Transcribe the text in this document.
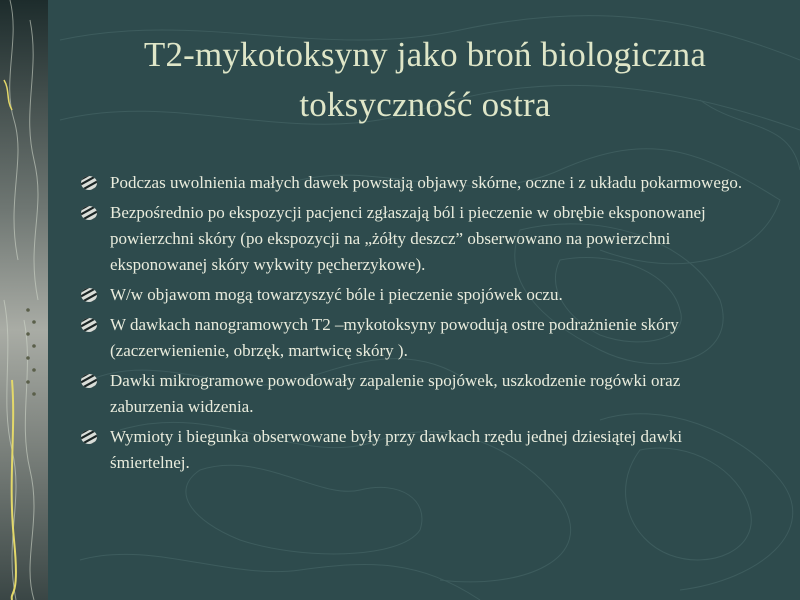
T2-mykotoksyny jako broń biologiczna
toksyczność ostra
Podczas uwolnienia małych dawek powstają objawy skórne, oczne i z układu pokarmowego.
Bezpośrednio po ekspozycji pacjenci zgłaszają ból i pieczenie w obrębie eksponowanej powierzchni skóry (po ekspozycji na „żółty deszcz” obserwowano na powierzchni eksponowanej skóry wykwity pęcherzykowe).
W/w objawom mogą towarzyszyć bóle i pieczenie spojówek oczu.
W dawkach nanogramowych T2 –mykotoksyny powodują ostre podrażnienie skóry (zaczerwienienie, obrzęk, martwicę skóry ).
Dawki mikrogramowe powodowały zapalenie spojówek, uszkodzenie rogówki oraz zaburzenia widzenia.
Wymioty i biegunka obserwowane były przy dawkach rzędu jednej dziesiątej dawki śmiertelnej.
